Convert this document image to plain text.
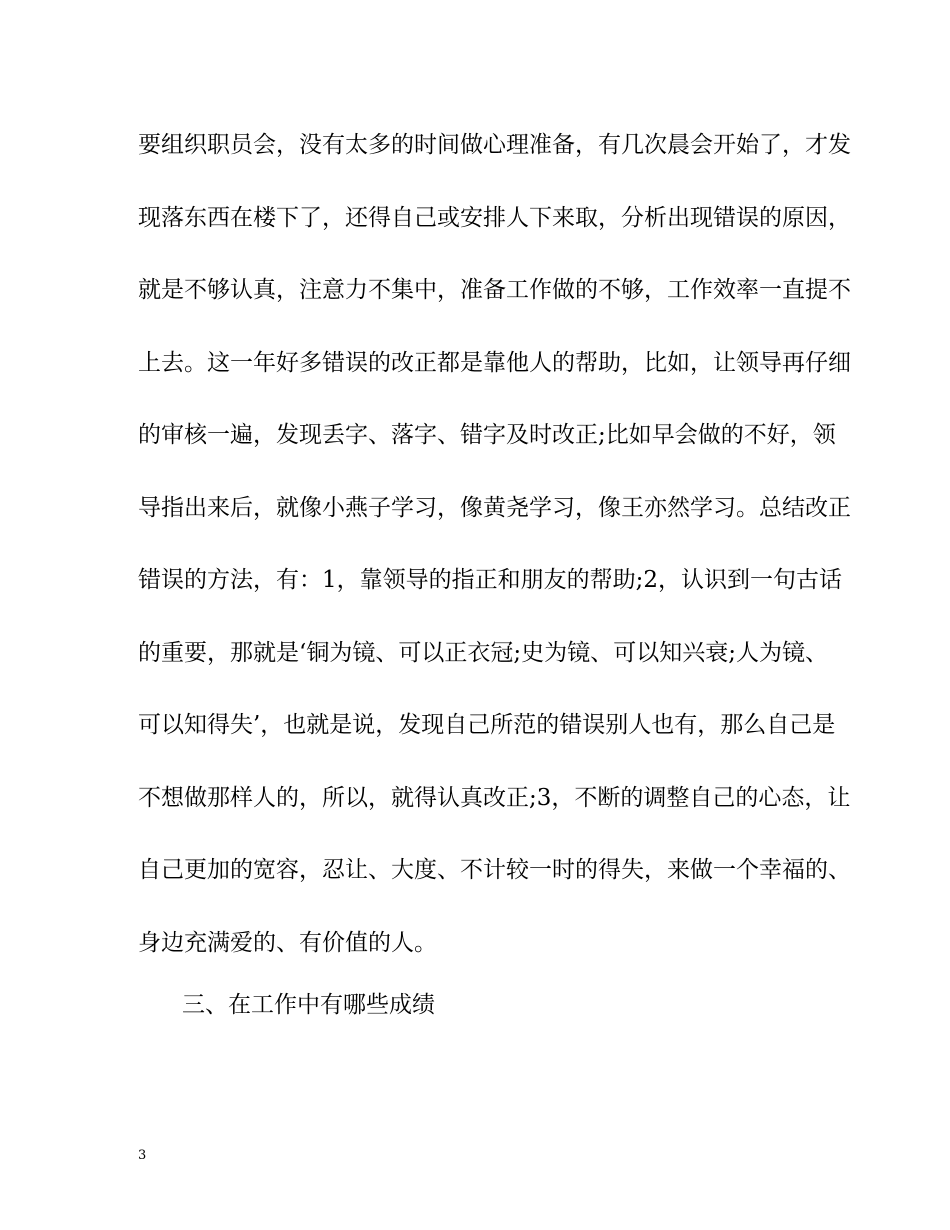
要组织职员会，没有太多的时间做心理准备，有几次晨会开始了，才发
现落东西在楼下了，还得自己或安排人下来取，分析出现错误的原因，
就是不够认真，注意力不集中，准备工作做的不够，工作效率一直提不
上去。这一年好多错误的改正都是靠他人的帮助，比如，让领导再仔细
的审核一遍，发现丢字、落字、错字及时改正;比如早会做的不好，领
导指出来后，就像小燕子学习，像黄尧学习，像王亦然学习。总结改正
错误的方法，有：1，靠领导的指正和朋友的帮助;2，认识到一句古话
的重要，那就是‘铜为镜、可以正衣冠;史为镜、可以知兴衰;人为镜、
可以知得失’，也就是说，发现自己所范的错误别人也有，那么自己是
不想做那样人的，所以，就得认真改正;3，不断的调整自己的心态，让
自己更加的宽容，忍让、大度、不计较一时的得失，来做一个幸福的、
身边充满爱的、有价值的人。
三、在工作中有哪些成绩
3
